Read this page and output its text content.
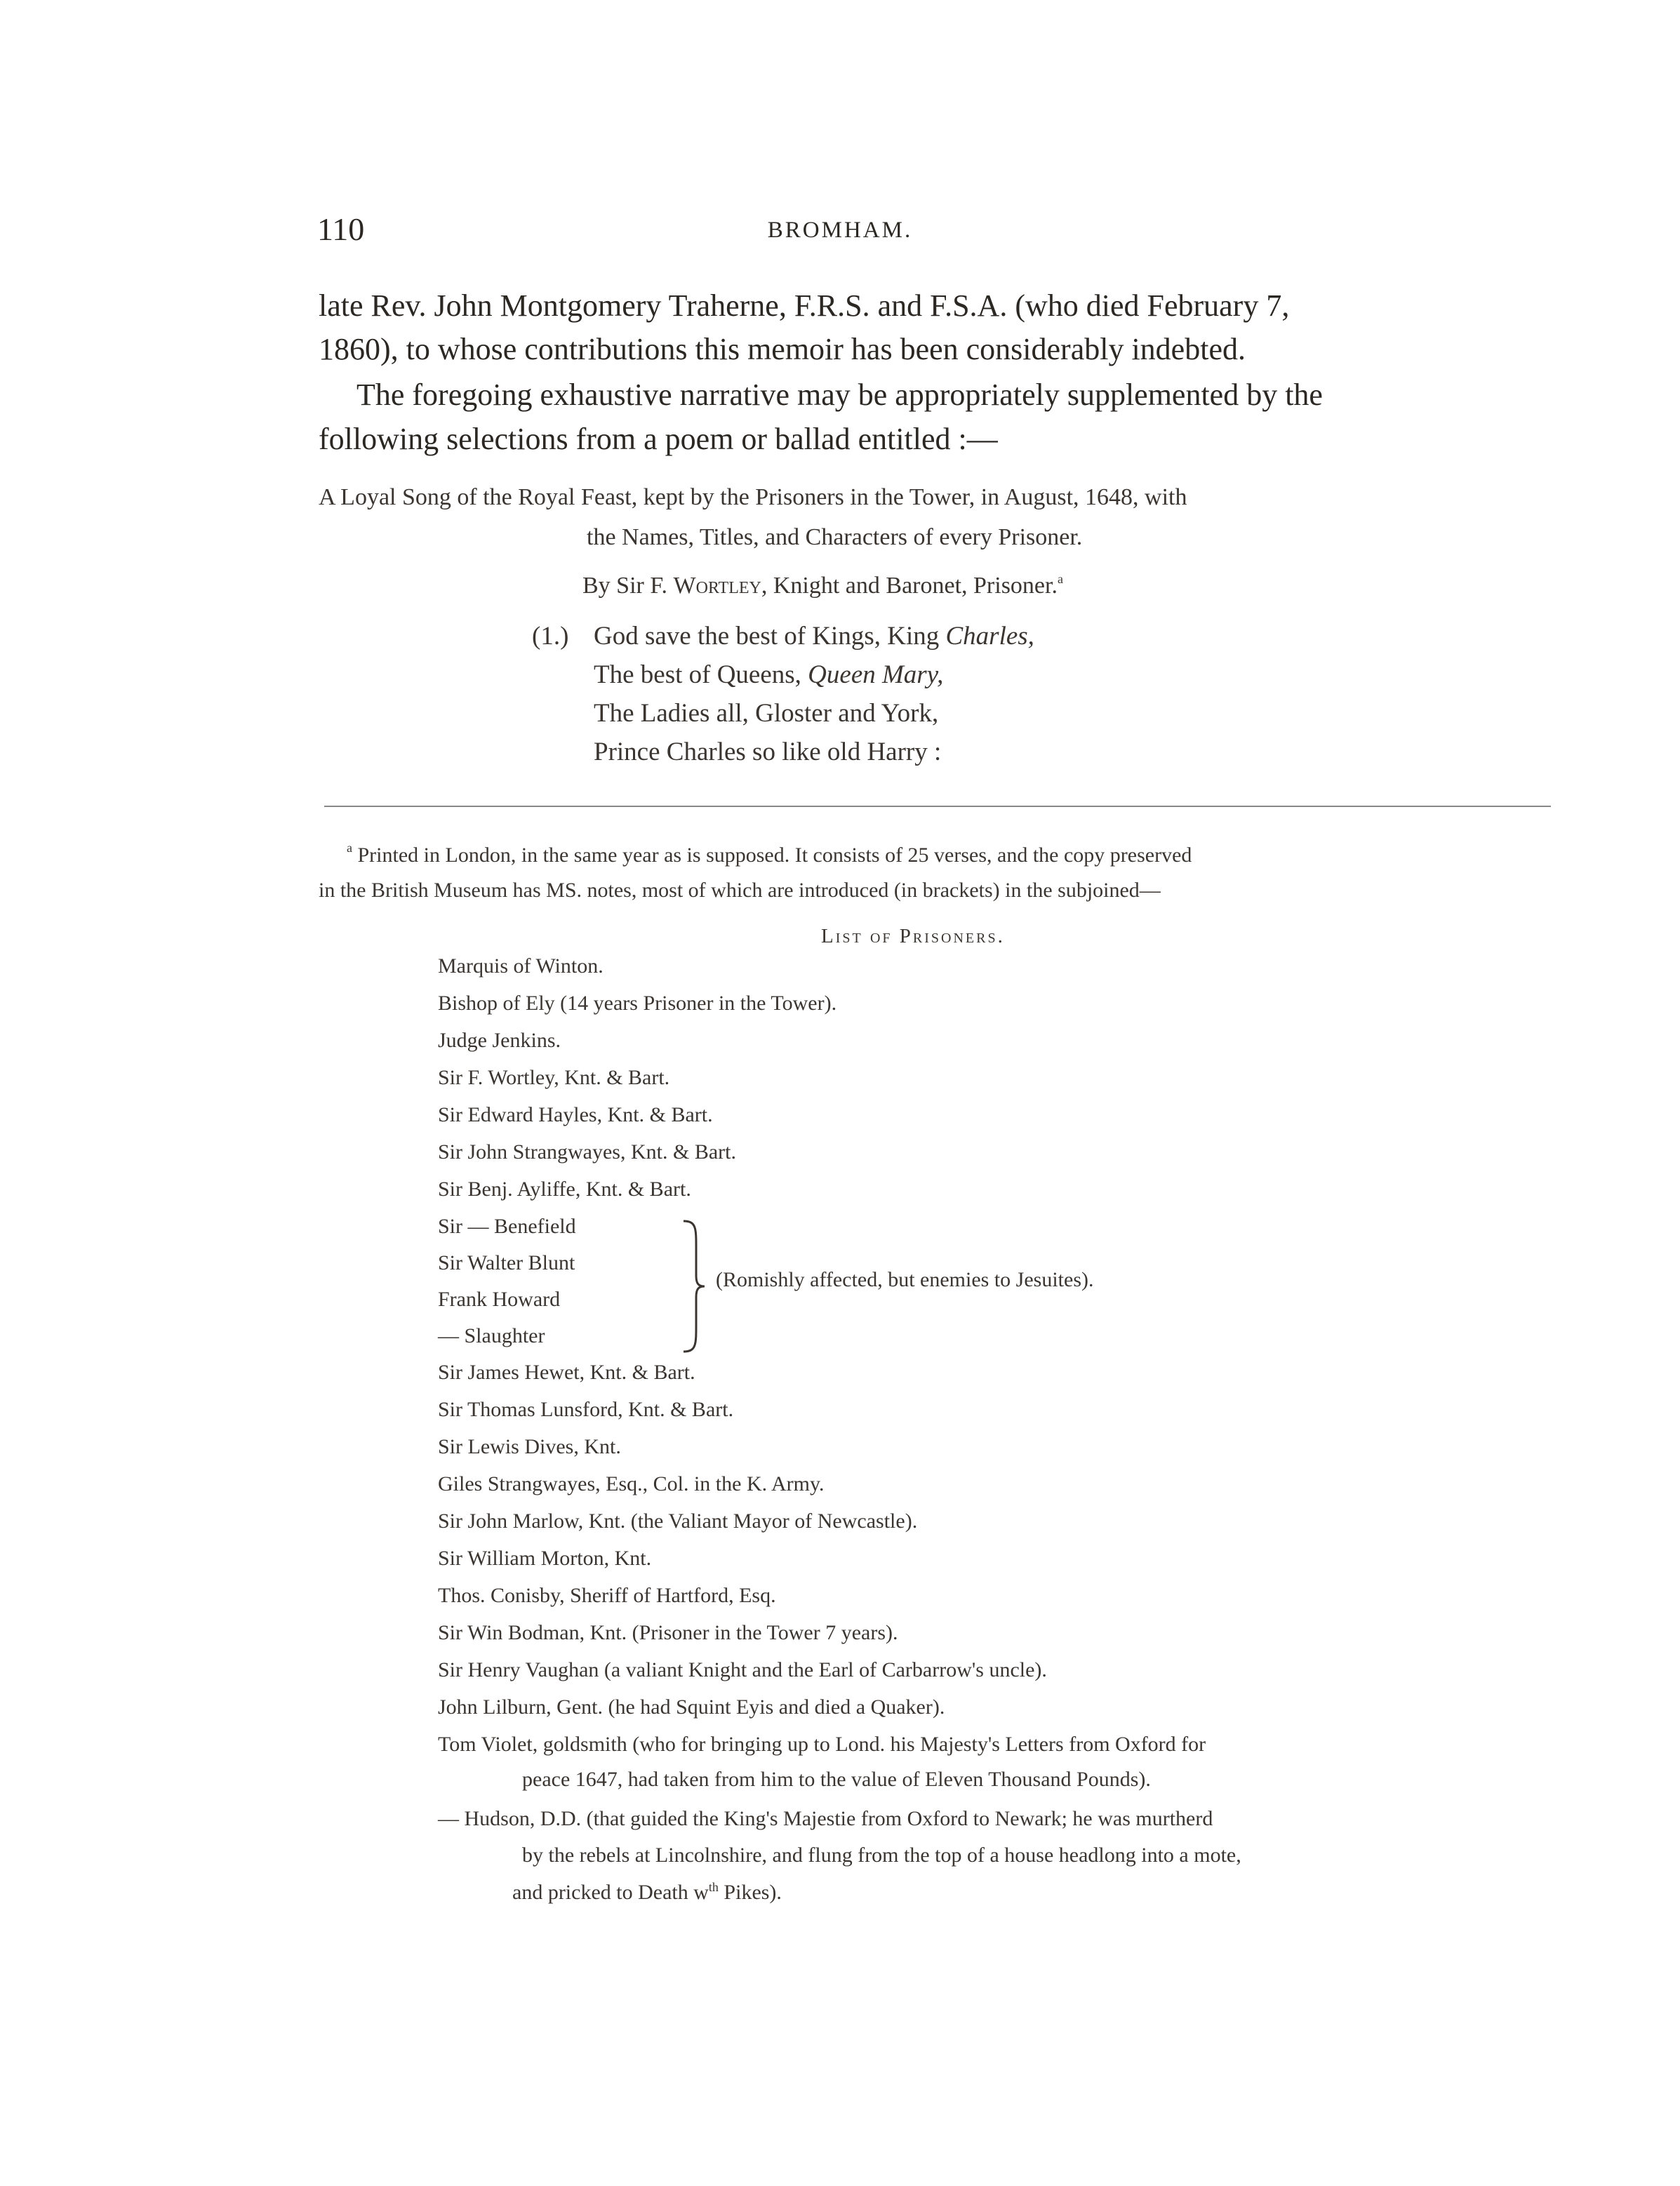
110	BROMHAM.
late Rev. John Montgomery Traherne, F.R.S. and F.S.A. (who died February 7,
1860), to whose contributions this memoir has been considerably indebted.
The foregoing exhaustive narrative may be appropriately supplemented by the
following selections from a poem or ballad entitled :—
A Loyal Song of the Royal Feast, kept by the Prisoners in the Tower, in August, 1648, with
the Names, Titles, and Characters of every Prisoner.
By Sir F. Wortley, Knight and Baronet, Prisoner.$^a$
(1.) God save the best of Kings, King Charles,
The best of Queens, Queen Mary,
The Ladies all, Gloster and York,
Prince Charles so like old Harry :
$^a$ Printed in London, in the same year as is supposed. It consists of 25 verses, and the copy preserved
in the British Museum has MS. notes, most of which are introduced (in brackets) in the subjoined—
List of Prisoners.
Marquis of Winton.
Bishop of Ely (14 years Prisoner in the Tower).
Judge Jenkins.
Sir F. Wortley, Knt. & Bart.
Sir Edward Hayles, Knt. & Bart.
Sir John Strangwayes, Knt. & Bart.
Sir Benj. Ayliffe, Knt. & Bart.
Sir — Benefield
Sir Walter Blunt
Frank Howard
— Slaughter
(Romishly affected, but enemies to Jesuites).
Sir James Hewet, Knt. & Bart.
Sir Thomas Lunsford, Knt. & Bart.
Sir Lewis Dives, Knt.
Giles Strangwayes, Esq., Col. in the K. Army.
Sir John Marlow, Knt. (the Valiant Mayor of Newcastle).
Sir William Morton, Knt.
Thos. Conisby, Sheriff of Hartford, Esq.
Sir Win Bodman, Knt. (Prisoner in the Tower 7 years).
Sir Henry Vaughan (a valiant Knight and the Earl of Carbarrow's uncle).
John Lilburn, Gent. (he had Squint Eyis and died a Quaker).
Tom Violet, goldsmith (who for bringing up to Lond. his Majesty's Letters from Oxford for
peace 1647, had taken from him to the value of Eleven Thousand Pounds).
— Hudson, D.D. (that guided the King's Majestie from Oxford to Newark; he was murtherd
by the rebels at Lincolnshire, and flung from the top of a house headlong into a mote,
and pricked to Death $w^{th}$ Pikes).
